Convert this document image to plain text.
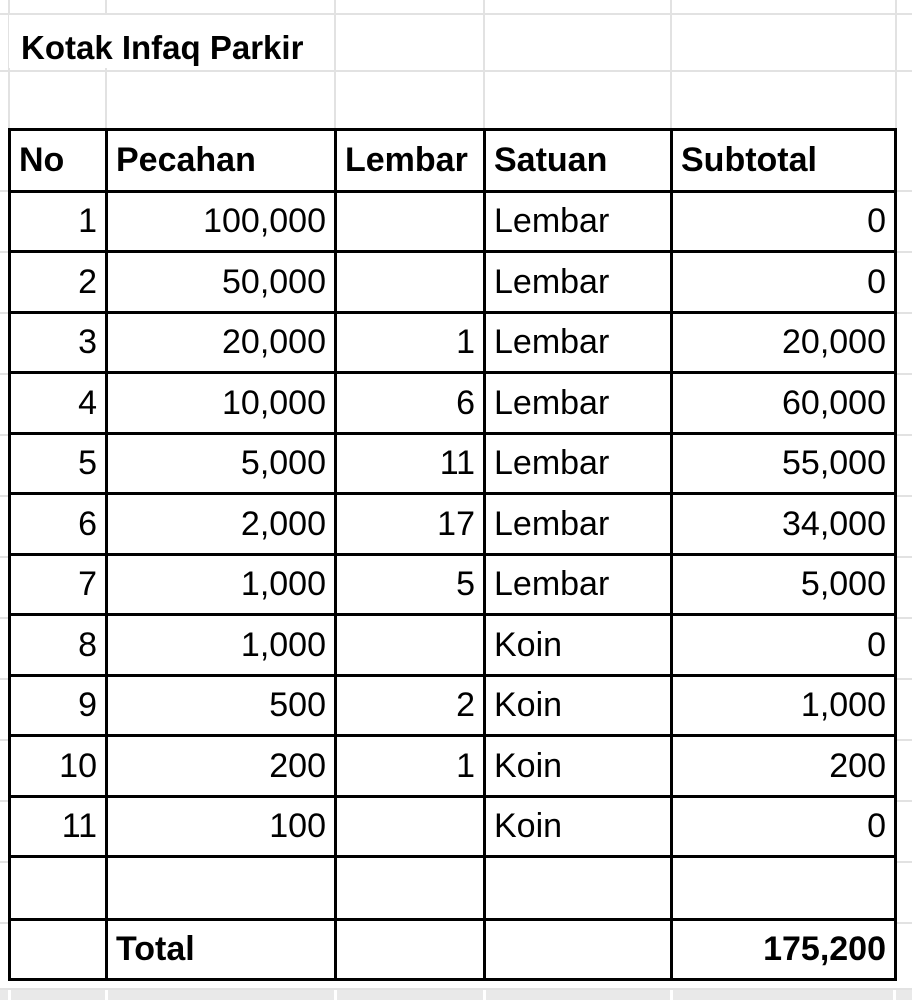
Kotak Infaq Parkir
No	Pecahan	Lembar	Satuan	Subtotal
1	100,000		Lembar	0
2	50,000		Lembar	0
3	20,000	1	Lembar	20,000
4	10,000	6	Lembar	60,000
5	5,000	11	Lembar	55,000
6	2,000	17	Lembar	34,000
7	1,000	5	Lembar	5,000
8	1,000		Koin	0
9	500	2	Koin	1,000
10	200	1	Koin	200
11	100		Koin	0

	Total			175,200
